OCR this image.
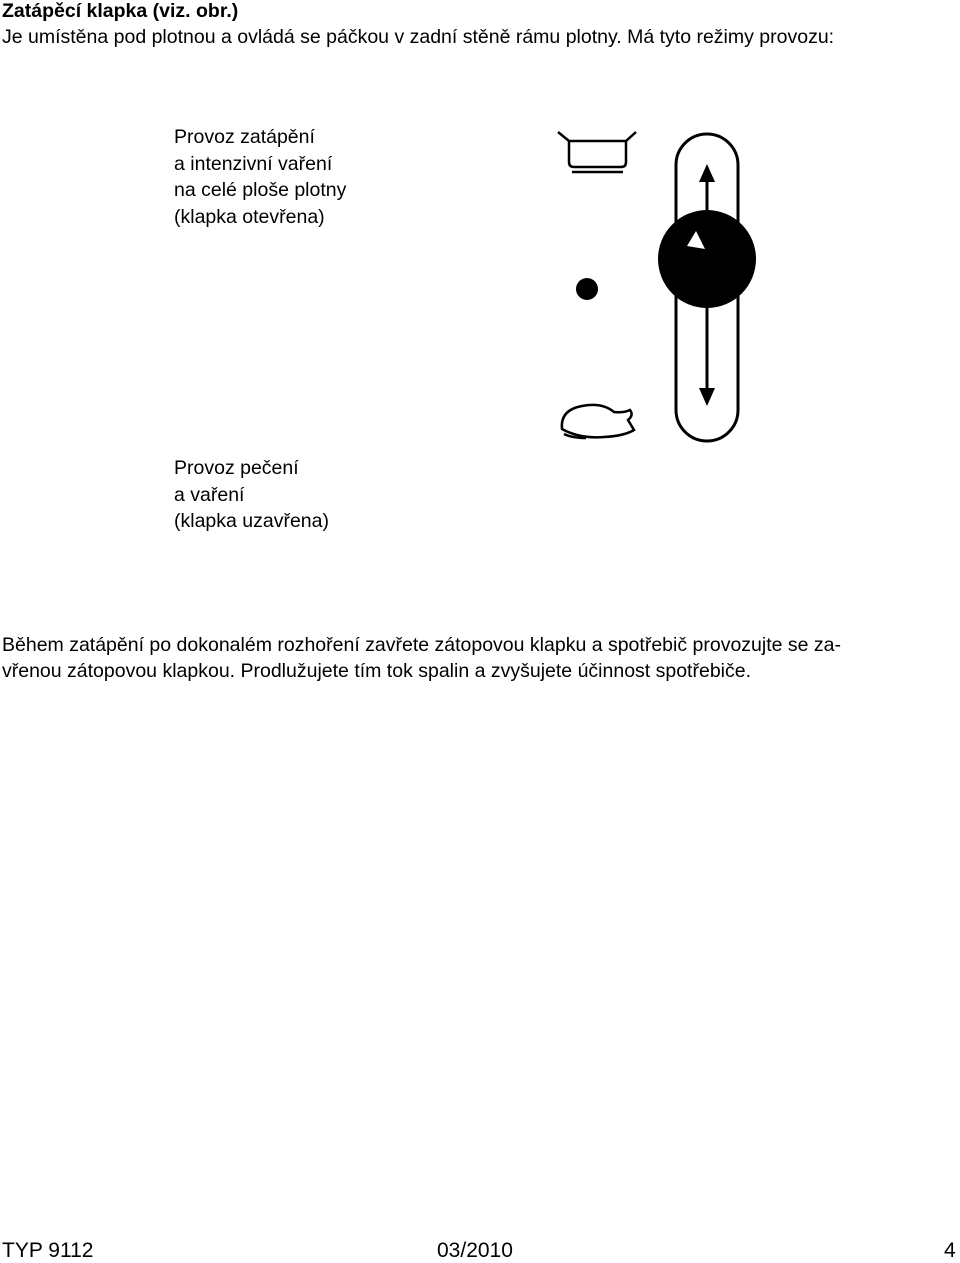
Zatápěcí klapka (viz. obr.)
Je umístěna pod plotnou a ovládá se páčkou v zadní stěně rámu plotny. Má tyto režimy provozu:
Provoz zatápění
a intenzivní vaření
na celé ploše plotny
(klapka otevřena)
Provoz pečení
a vaření
(klapka uzavřena)
Během zatápění po dokonalém rozhoření zavřete zátopovou klapku a spotřebič provozujte se za-
vřenou zátopovou klapkou. Prodlužujete tím tok spalin a zvyšujete účinnost spotřebiče.
TYP 9112	03/2010	4
